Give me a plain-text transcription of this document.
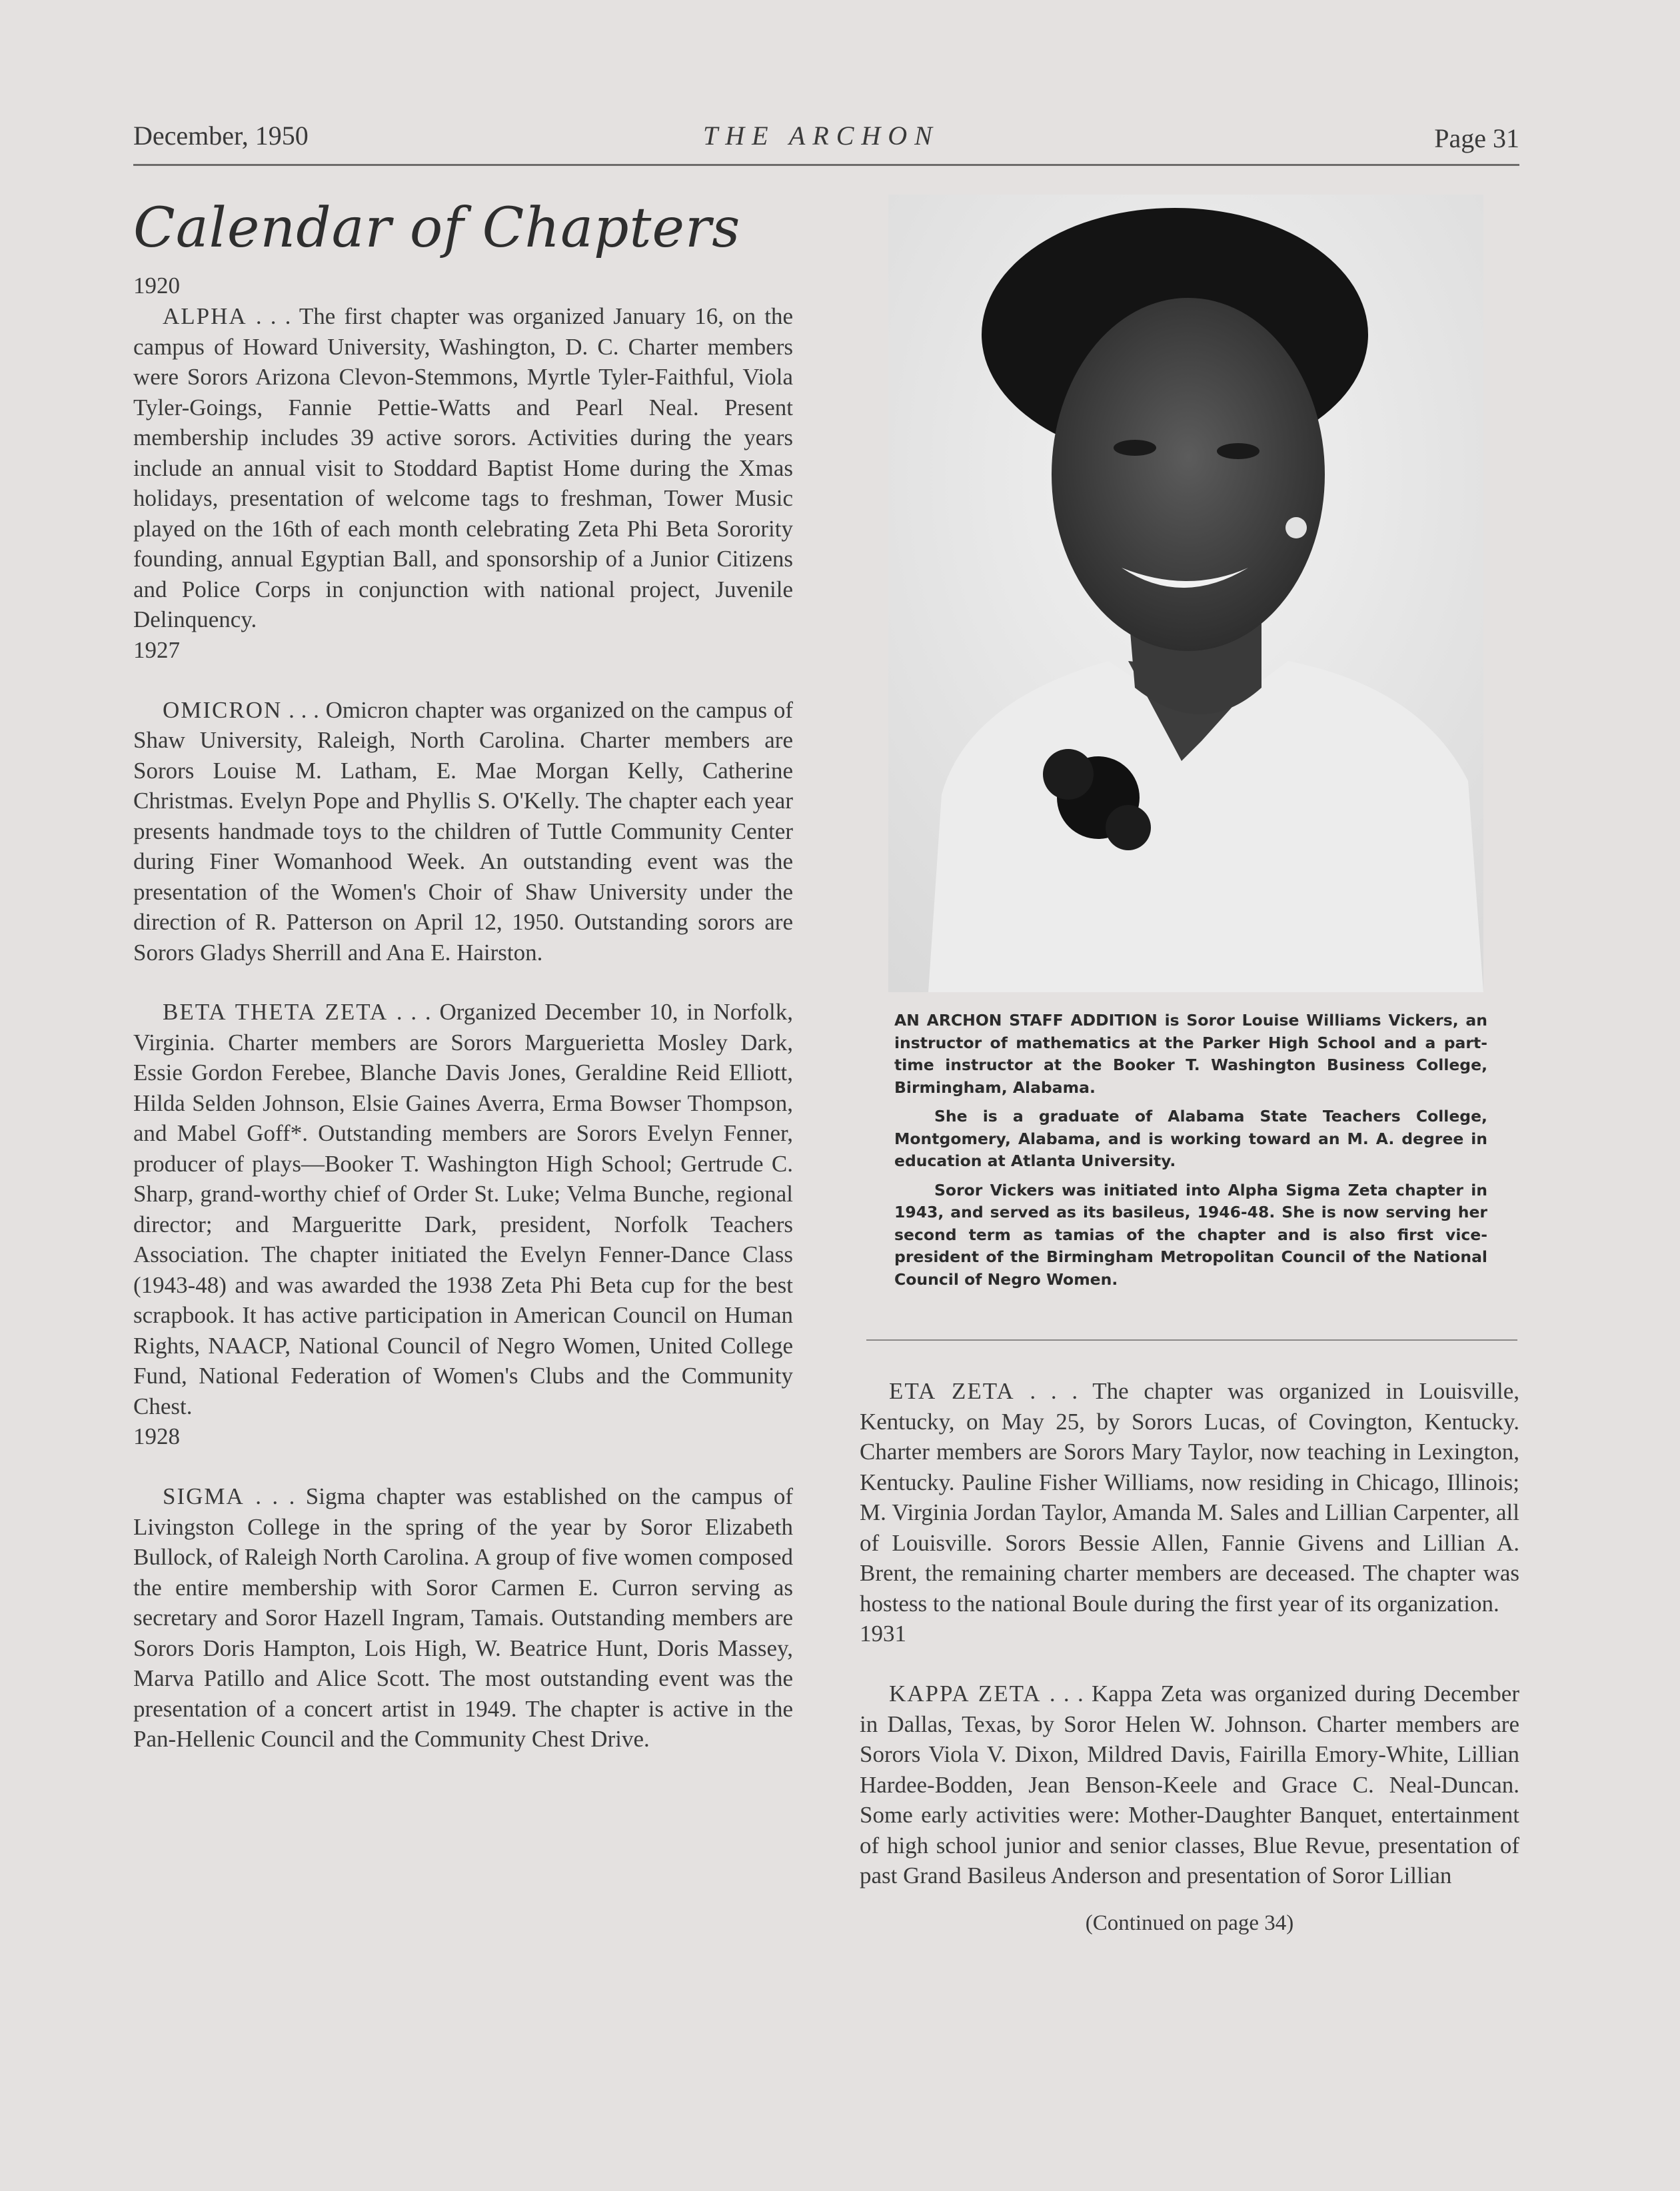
December, 1950	THE ARCHON	Page 31
Calendar of Chapters
1920

ALPHA . . . The first chapter was organized January 16, on the campus of Howard University, Washington, D. C. Charter members were Sorors Arizona Clevon-Stemmons, Myrtle Tyler-Faithful, Viola Tyler-Goings, Fannie Pettie-Watts and Pearl Neal. Present membership includes 39 active sorors. Activities during the years include an annual visit to Stoddard Baptist Home during the Xmas holidays, presentation of welcome tags to freshman, Tower Music played on the 16th of each month celebrating Zeta Phi Beta Sorority founding, annual Egyptian Ball, and sponsorship of a Junior Citizens and Police Corps in conjunction with national project, Juvenile Delinquency.

1927

OMICRON . . . Omicron chapter was organized on the campus of Shaw University, Raleigh, North Carolina. Charter members are Sorors Louise M. Latham, E. Mae Morgan Kelly, Catherine Christmas. Evelyn Pope and Phyllis S. O'Kelly. The chapter each year presents handmade toys to the children of Tuttle Community Center during Finer Womanhood Week. An outstanding event was the presentation of the Women's Choir of Shaw University under the direction of R. Patterson on April 12, 1950. Outstanding sorors are Sorors Gladys Sherrill and Ana E. Hairston.

BETA THETA ZETA . . . Organized December 10, in Norfolk, Virginia. Charter members are Sorors Marguerietta Mosley Dark, Essie Gordon Ferebee, Blanche Davis Jones, Geraldine Reid Elliott, Hilda Selden Johnson, Elsie Gaines Averra, Erma Bowser Thompson, and Mabel Goff*. Outstanding members are Sorors Evelyn Fenner, producer of plays—Booker T. Washington High School; Gertrude C. Sharp, grand-worthy chief of Order St. Luke; Velma Bunche, regional director; and Margueritte Dark, president, Norfolk Teachers Association. The chapter initiated the Evelyn Fenner-Dance Class (1943-48) and was awarded the 1938 Zeta Phi Beta cup for the best scrapbook. It has active participation in American Council on Human Rights, NAACP, National Council of Negro Women, United College Fund, National Federation of Women's Clubs and the Community Chest.

1928

SIGMA . . . Sigma chapter was established on the campus of Livingston College in the spring of the year by Soror Elizabeth Bullock, of Raleigh North Carolina. A group of five women composed the entire membership with Soror Carmen E. Curron serving as secretary and Soror Hazell Ingram, Tamais. Outstanding members are Sorors Doris Hampton, Lois High, W. Beatrice Hunt, Doris Massey, Marva Patillo and Alice Scott. The most outstanding event was the presentation of a concert artist in 1949. The chapter is active in the Pan-Hellenic Council and the Community Chest Drive.

AN ARCHON STAFF ADDITION is Soror Louise Williams Vickers, an instructor of mathematics at the Parker High School and a part-time instructor at the Booker T. Washington Business College, Birmingham, Alabama.

She is a graduate of Alabama State Teachers College, Montgomery, Alabama, and is working toward an M. A. degree in education at Atlanta University.

Soror Vickers was initiated into Alpha Sigma Zeta chapter in 1943, and served as its basileus, 1946-48. She is now serving her second term as tamias of the chapter and is also first vice-president of the Birmingham Metropolitan Council of the National Council of Negro Women.

ETA ZETA . . . The chapter was organized in Louisville, Kentucky, on May 25, by Sorors Lucas, of Covington, Kentucky. Charter members are Sorors Mary Taylor, now teaching in Lexington, Kentucky. Pauline Fisher Williams, now residing in Chicago, Illinois; M. Virginia Jordan Taylor, Amanda M. Sales and Lillian Carpenter, all of Louisville. Sorors Bessie Allen, Fannie Givens and Lillian A. Brent, the remaining charter members are deceased. The chapter was hostess to the national Boule during the first year of its organization.

1931

KAPPA ZETA . . . Kappa Zeta was organized during December in Dallas, Texas, by Soror Helen W. Johnson. Charter members are Sorors Viola V. Dixon, Mildred Davis, Fairilla Emory-White, Lillian Hardee-Bodden, Jean Benson-Keele and Grace C. Neal-Duncan. Some early activities were: Mother-Daughter Banquet, entertainment of high school junior and senior classes, Blue Revue, presentation of past Grand Basileus Anderson and presentation of Soror Lillian

(Continued on page 34)
